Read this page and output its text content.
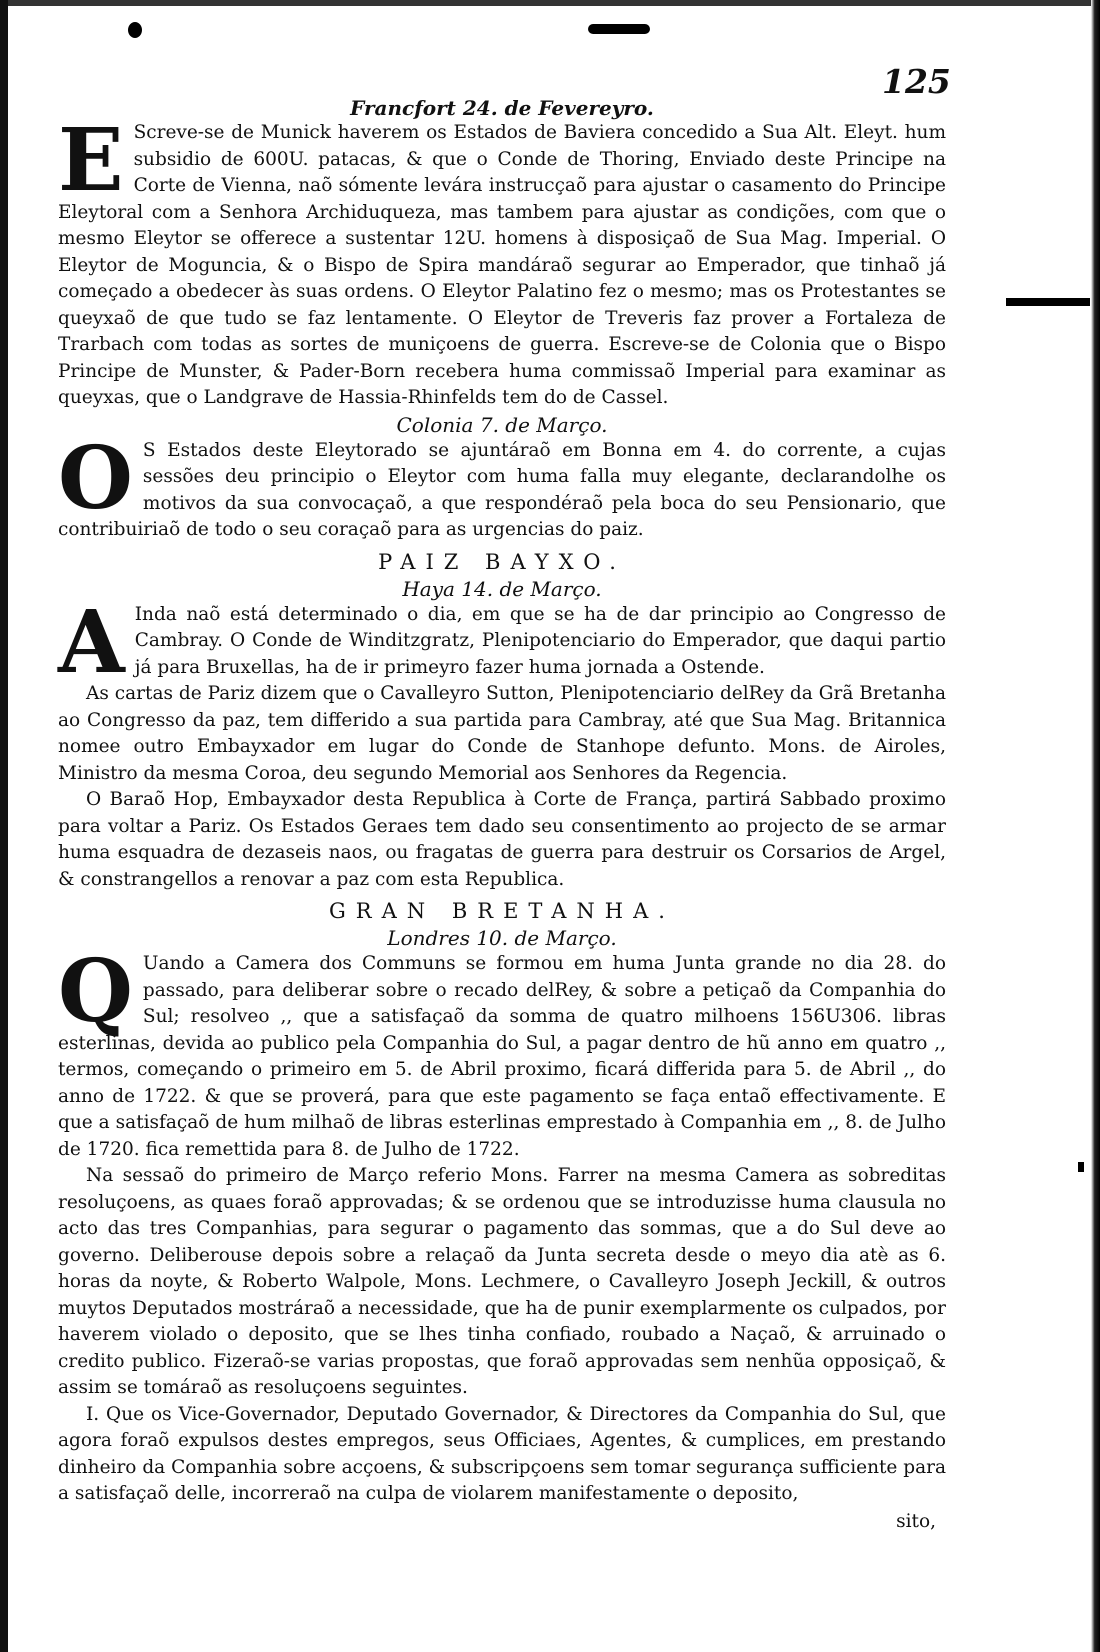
125

Francfort 24. de Fevereyro.

E Screve-se de Munick haverem os Estados de Baviera concedido a Sua Alt. Eleyt. hum subsidio de 600U. patacas, & que o Conde de Thoring, Enviado deste Principe na Corte de Vienna, naõ sómente levára instrucçaõ para ajustar o casamento do Principe Eleytoral com a Senhora Archiduqueza, mas tambem para ajustar as condições, com que o mesmo Eleytor se offerece a sustentar 12U. homens à disposiçaõ de Sua Mag. Imperial. O Eleytor de Moguncia, & o Bispo de Spira mandáraõ segurar ao Emperador, que tinhaõ já começado a obedecer às suas ordens. O Eleytor Palatino fez o mesmo; mas os Protestantes se queyxaõ de que tudo se faz lentamente. O Eleytor de Treveris faz prover a Fortaleza de Trarbach com todas as sortes de muniçoens de guerra. Escreve-se de Colonia que o Bispo Principe de Munster, & Pader-Born recebera huma commissaõ Imperial para examinar as queyxas, que o Landgrave de Hassia-Rhinfelds tem do de Cassel.

Colonia 7. de Março.

O S Estados deste Eleytorado se ajuntáraõ em Bonna em 4. do corrente, a cujas sessões deu principio o Eleytor com huma falla muy elegante, declarandolhe os motivos da sua convocaçaõ, a que respondéraõ pela boca do seu Pensionario, que contribuiriaõ de todo o seu coraçaõ para as urgencias do paiz.

PAIZ BAYXO.

Haya 14. de Março.

A Inda naõ está determinado o dia, em que se ha de dar principio ao Congresso de Cambray. O Conde de Winditzgratz, Plenipotenciario do Emperador, que daqui partio já para Bruxellas, ha de ir primeyro fazer huma jornada a Ostende.

As cartas de Pariz dizem que o Cavalleyro Sutton, Plenipotenciario delRey da Grã Bretanha ao Congresso da paz, tem differido a sua partida para Cambray, até que Sua Mag. Britannica nomee outro Embayxador em lugar do Conde de Stanhope defunto. Mons. de Airoles, Ministro da mesma Coroa, deu segundo Memorial aos Senhores da Regencia.

O Baraõ Hop, Embayxador desta Republica à Corte de França, partirá Sabbado proximo para voltar a Pariz. Os Estados Geraes tem dado seu consentimento ao projecto de se armar huma esquadra de dezaseis naos, ou fragatas de guerra para destruir os Corsarios de Argel, & constrangellos a renovar a paz com esta Republica.

GRAN BRETANHA.

Londres 10. de Março.

Q Uando a Camera dos Communs se formou em huma Junta grande no dia 28. do passado, para deliberar sobre o recado delRey, & sobre a petiçaõ da Companhia do Sul; resolveo ,, que a satisfaçaõ da somma de quatro milhoens 156U306. libras esterlinas, devida ao publico pela Companhia do Sul, a pagar dentro de hũ anno em quatro ,, termos, começando o primeiro em 5. de Abril proximo, ficará differida para 5. de Abril ,, do anno de 1722. & que se proverá, para que este pagamento se faça entaõ effectivamente. E que a satisfaçaõ de hum milhaõ de libras esterlinas emprestado à Companhia em ,, 8. de Julho de 1720. fica remettida para 8. de Julho de 1722.

Na sessaõ do primeiro de Março referio Mons. Farrer na mesma Camera as sobreditas resoluçoens, as quaes foraõ approvadas; & se ordenou que se introduzisse huma clausula no acto das tres Companhias, para segurar o pagamento das sommas, que a do Sul deve ao governo. Deliberouse depois sobre a relaçaõ da Junta secreta desde o meyo dia atè as 6. horas da noyte, & Roberto Walpole, Mons. Lechmere, o Cavalleyro Joseph Jeckill, & outros muytos Deputados mostráraõ a necessidade, que ha de punir exemplarmente os culpados, por haverem violado o deposito, que se lhes tinha confiado, roubado a Naçaõ, & arruinado o credito publico. Fizeraõ-se varias propostas, que foraõ approvadas sem nenhũa opposiçaõ, & assim se tomáraõ as resoluçoens seguintes.

I. Que os Vice-Governador, Deputado Governador, & Directores da Companhia do Sul, que agora foraõ expulsos destes empregos, seus Officiaes, Agentes, & cumplices, em prestando dinheiro da Companhia sobre acçoens, & subscripçoens sem tomar segurança sufficiente para a satisfaçaõ delle, incorreraõ na culpa de violarem manifestamente o deposito,

sito,
